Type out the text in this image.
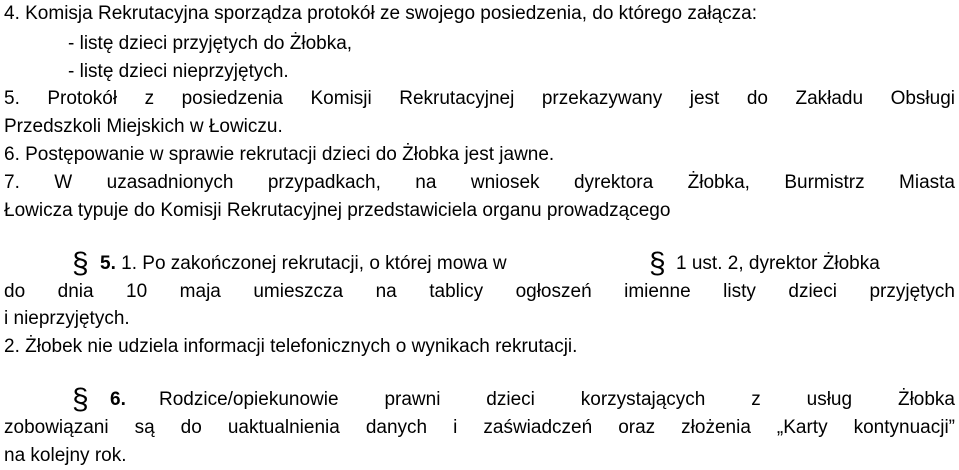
4. Komisja Rekrutacyjna sporządza protokół ze swojego posiedzenia, do którego załącza:
- listę dzieci przyjętych do Żłobka,
- listę dzieci nieprzyjętych.
5. Protokół z posiedzenia Komisji Rekrutacyjnej przekazywany jest do Zakładu Obsługi
Przedszkoli Miejskich w Łowiczu.
6. Postępowanie w sprawie rekrutacji dzieci do Żłobka jest jawne.
7. W uzasadnionych przypadkach, na wniosek dyrektora Żłobka, Burmistrz Miasta
Łowicza typuje do Komisji Rekrutacyjnej przedstawiciela organu prowadzącego
§ 5. 1. Po zakończonej rekrutacji, o której mowa w	§ 1 ust. 2, dyrektor Żłobka
do dnia 10 maja umieszcza na tablicy ogłoszeń imienne listy dzieci przyjętych
i nieprzyjętych.
2. Żłobek nie udziela informacji telefonicznych o wynikach rekrutacji.
§ 6. Rodzice/opiekunowie prawni dzieci korzystających z usług Żłobka
zobowiązani są do uaktualnienia danych i zaświadczeń oraz złożenia „Karty kontynuacji”
na kolejny rok.
